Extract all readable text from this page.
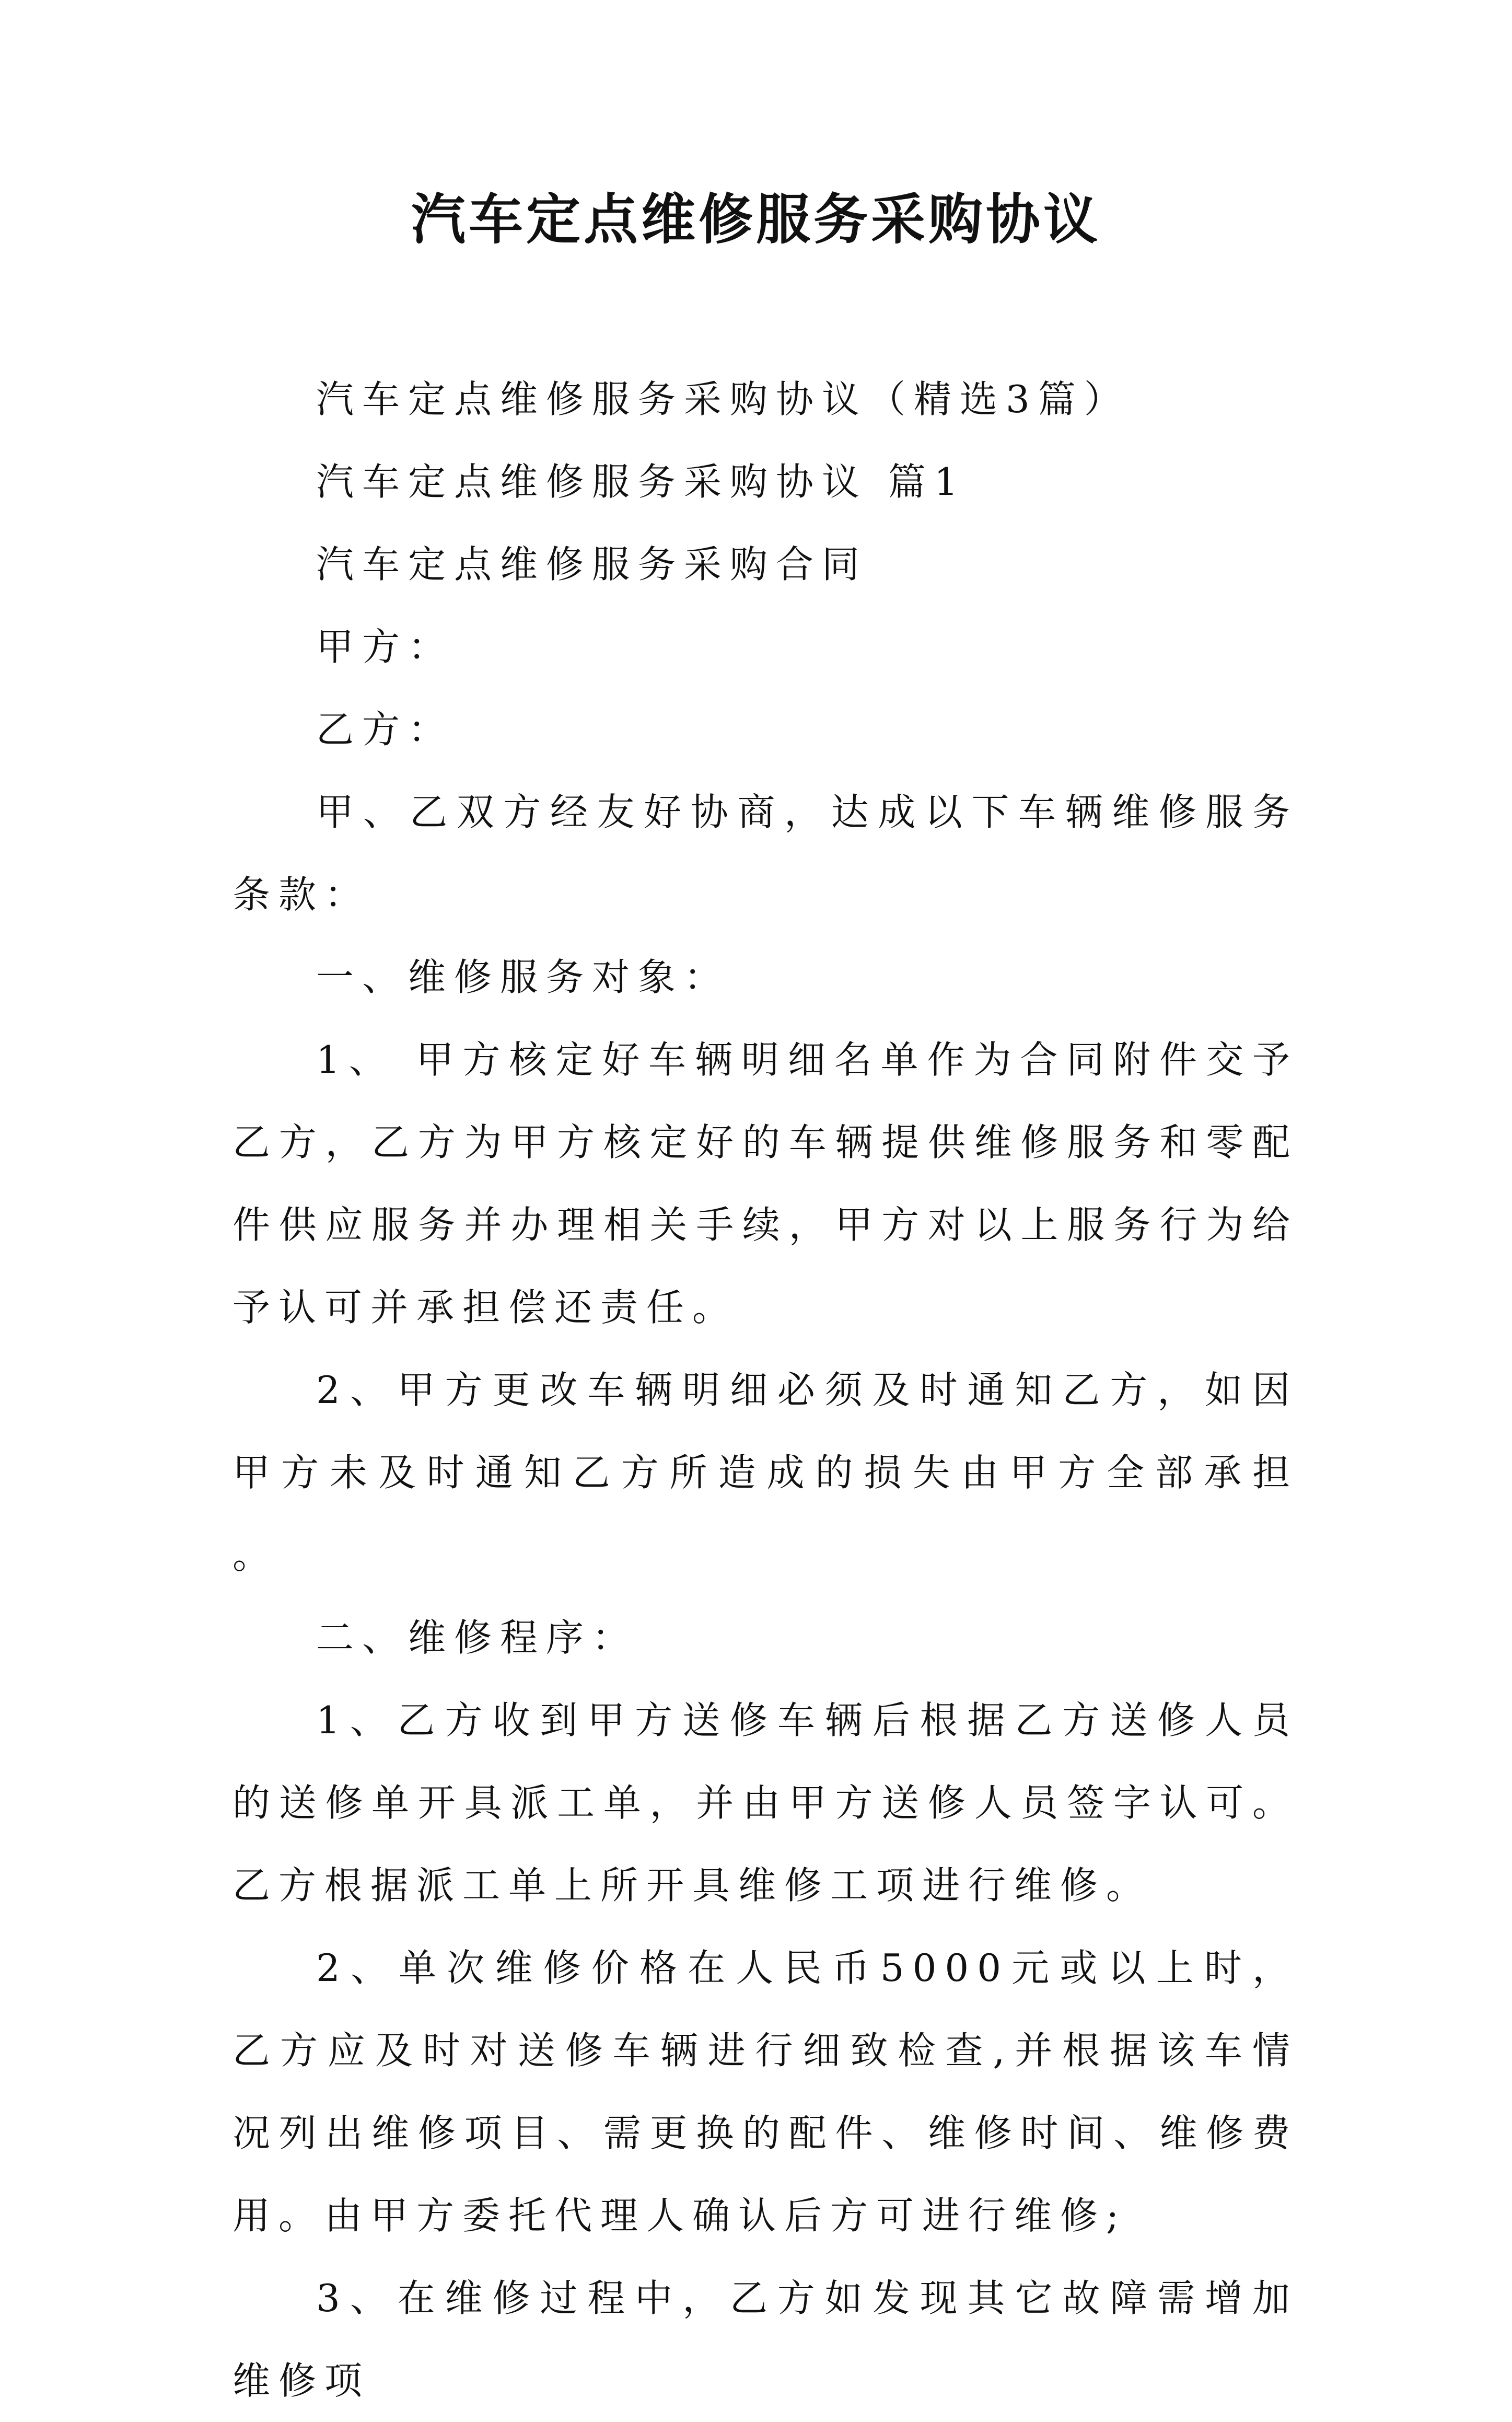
汽车定点维修服务采购协议

汽车定点维修服务采购协议（精选3篇）

汽车定点维修服务采购协议 篇1

汽车定点维修服务采购合同

甲方：

乙方：

甲、乙双方经友好协商，达成以下车辆维修服务条款：

一、维修服务对象：

1、 甲方核定好车辆明细名单作为合同附件交予乙方，乙方为甲方核定好的车辆提供维修服务和零配件供应服务并办理相关手续，甲方对以上服务行为给予认可并承担偿还责任。

2、甲方更改车辆明细必须及时通知乙方，如因甲方未及时通知乙方所造成的损失由甲方全部承担 。

二、维修程序：

1、乙方收到甲方送修车辆后根据乙方送修人员的送修单开具派工单，并由甲方送修人员签字认可。乙方根据派工单上所开具维修工项进行维修。

2、单次维修价格在人民币5000元或以上时，乙方应及时对送修车辆进行细致检查,并根据该车情况列出维修项目、需更换的配件、维修时间、维修费用。由甲方委托代理人确认后方可进行维修;

3、在维修过程中，乙方如发现其它故障需增加维修项
